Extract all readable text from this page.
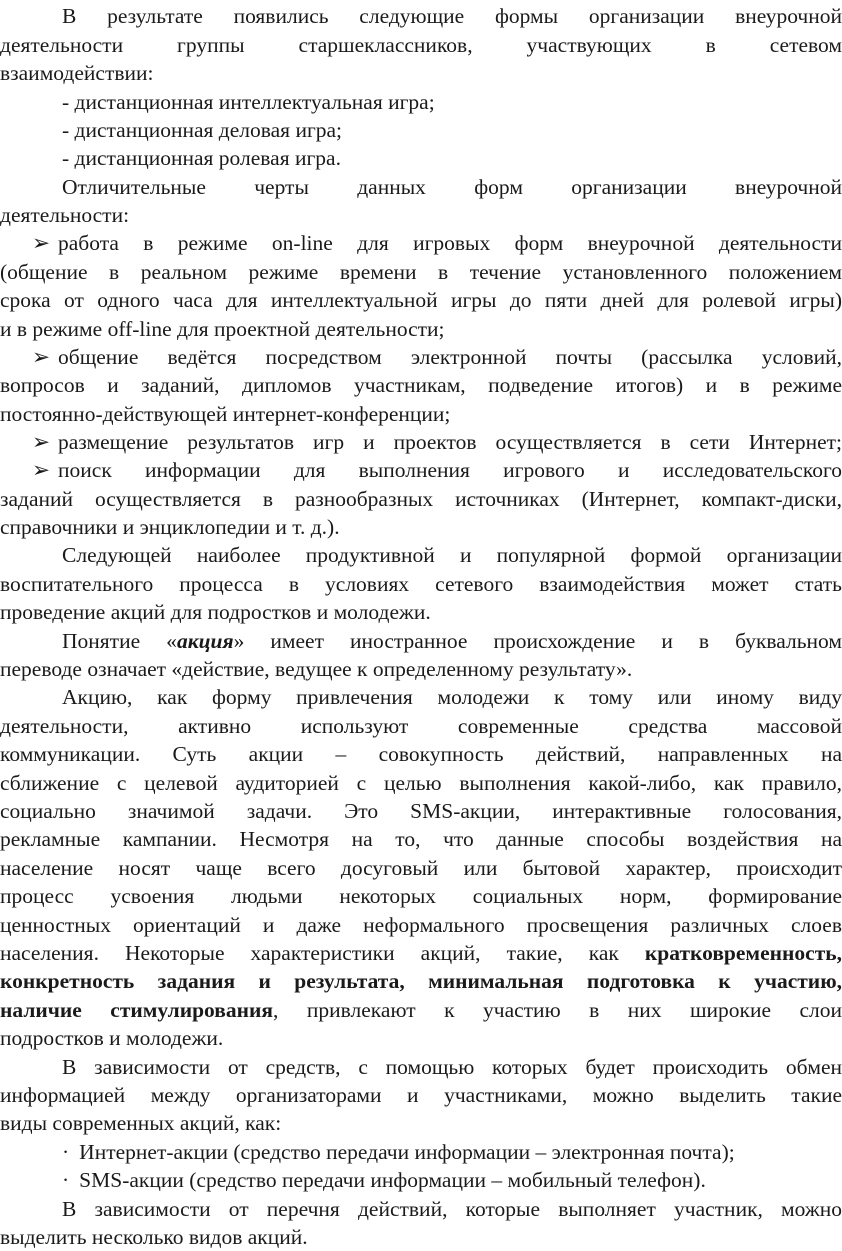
В результате появились следующие формы организации внеурочной
деятельности группы старшеклассников, участвующих в сетевом
взаимодействии:
- дистанционная интеллектуальная игра;
- дистанционная деловая игра;
- дистанционная ролевая игра.
Отличительные черты данных форм организации внеурочной
деятельности:
➢ работа в режиме on-line для игровых форм внеурочной деятельности
(общение в реальном режиме времени в течение установленного положением
срока от одного часа для интеллектуальной игры до пяти дней для ролевой игры)
и в режиме off-line для проектной деятельности;
➢ общение ведётся посредством электронной почты (рассылка условий,
вопросов и заданий, дипломов участникам, подведение итогов) и в режиме
постоянно-действующей интернет-конференции;
➢ размещение результатов игр и проектов осуществляется в сети Интернет;
➢ поиск информации для выполнения игрового и исследовательского
заданий осуществляется в разнообразных источниках (Интернет, компакт-диски,
справочники и энциклопедии и т. д.).
Следующей наиболее продуктивной и популярной формой организации
воспитательного процесса в условиях сетевого взаимодействия может стать
проведение акций для подростков и молодежи.
Понятие «акция» имеет иностранное происхождение и в буквальном
переводе означает «действие, ведущее к определенному результату».
Акцию, как форму привлечения молодежи к тому или иному виду
деятельности, активно используют современные средства массовой
коммуникации. Суть акции – совокупность действий, направленных на
сближение с целевой аудиторией с целью выполнения какой-либо, как правило,
социально значимой задачи. Это SMS-акции, интерактивные голосования,
рекламные кампании. Несмотря на то, что данные способы воздействия на
население носят чаще всего досуговый или бытовой характер, происходит
процесс усвоения людьми некоторых социальных норм, формирование
ценностных ориентаций и даже неформального просвещения различных слоев
населения. Некоторые характеристики акций, такие, как кратковременность,
конкретность задания и результата, минимальная подготовка к участию,
наличие стимулирования, привлекают к участию в них широкие слои
подростков и молодежи.
В зависимости от средств, с помощью которых будет происходить обмен
информацией между организаторами и участниками, можно выделить такие
виды современных акций, как:
· Интернет-акции (средство передачи информации – электронная почта);
· SMS-акции (средство передачи информации – мобильный телефон).
В зависимости от перечня действий, которые выполняет участник, можно
выделить несколько видов акций.
